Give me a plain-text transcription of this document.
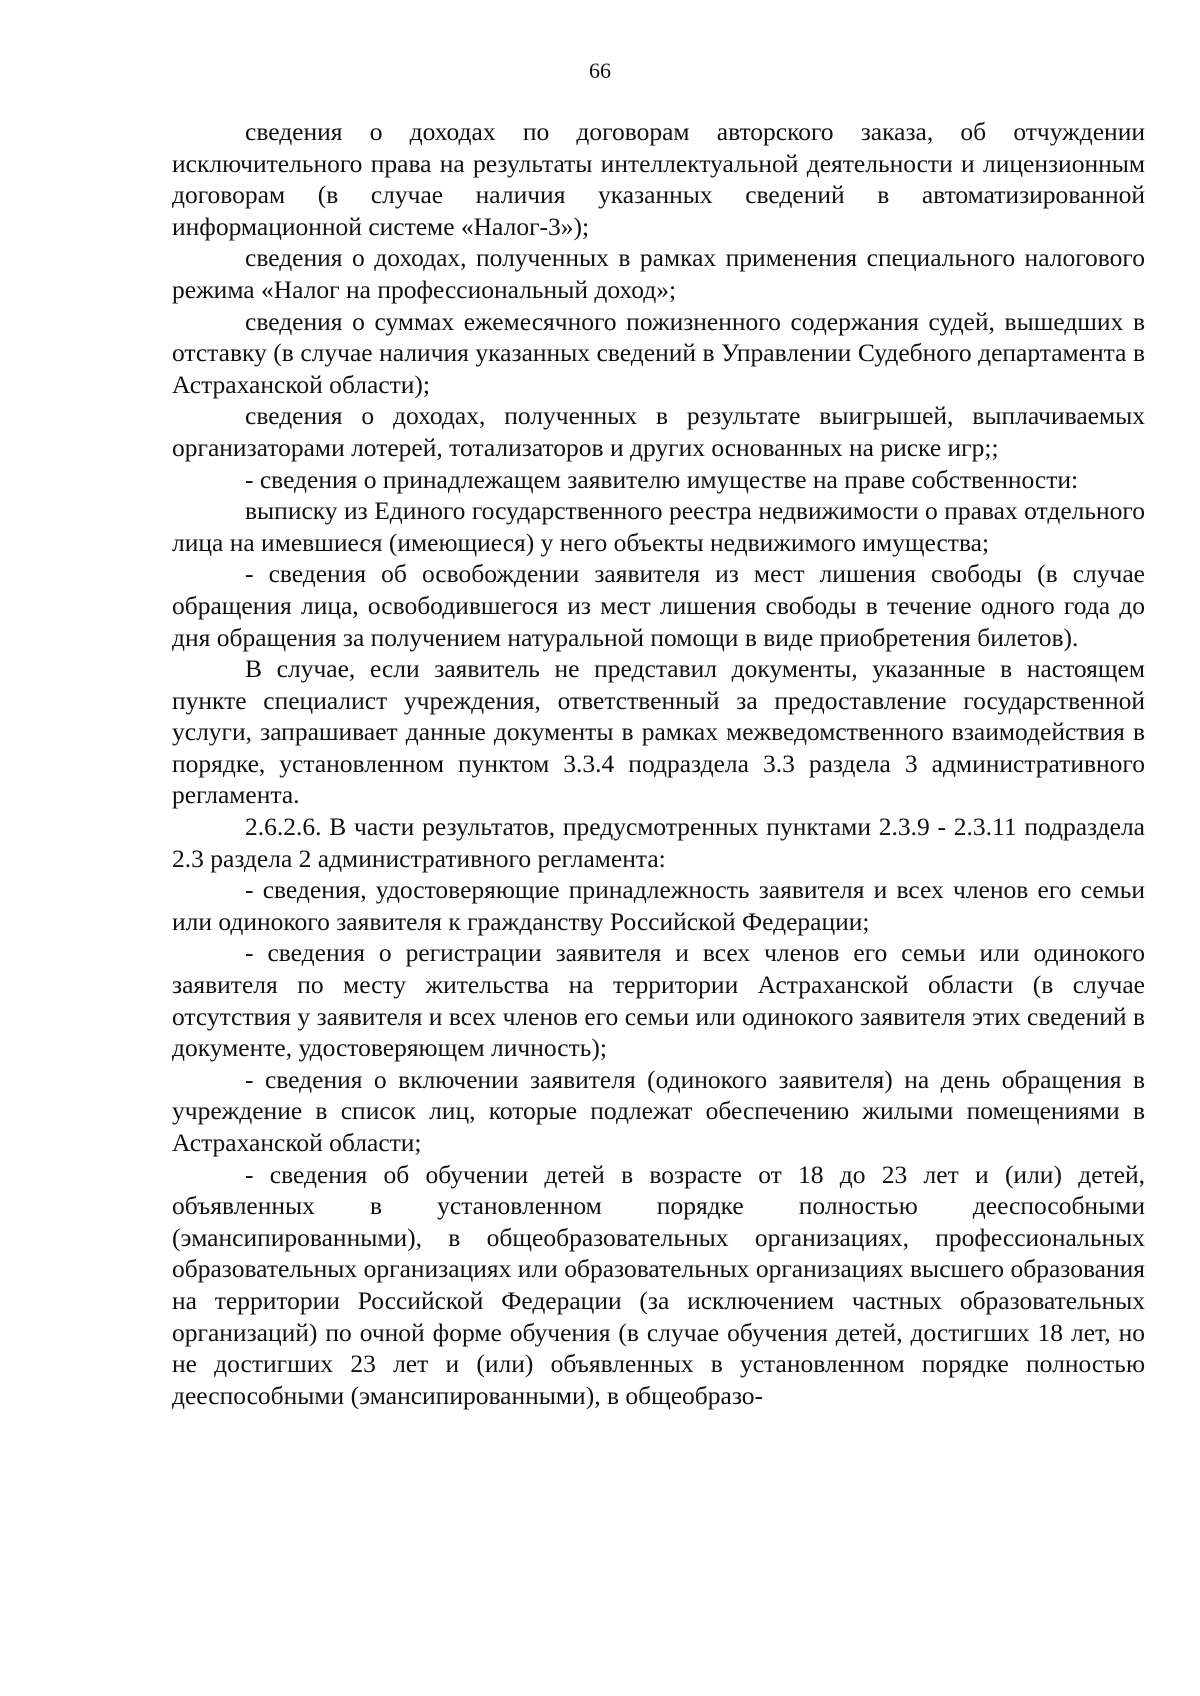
66

сведения о доходах по договорам авторского заказа, об отчуждении исключительного права на результаты интеллектуальной деятельности и лицензионным договорам (в случае наличия указанных сведений в автоматизированной информационной системе «Налог-3»);

сведения о доходах, полученных в рамках применения специального налогового режима «Налог на профессиональный доход»;

сведения о суммах ежемесячного пожизненного содержания судей, вышедших в отставку (в случае наличия указанных сведений в Управлении Судебного департамента в Астраханской области);

сведения о доходах, полученных в результате выигрышей, выплачиваемых организаторами лотерей, тотализаторов и других основанных на риске игр;;

- сведения о принадлежащем заявителю имуществе на праве собственности:

выписку из Единого государственного реестра недвижимости о правах отдельного лица на имевшиеся (имеющиеся) у него объекты недвижимого имущества;

- сведения об освобождении заявителя из мест лишения свободы (в случае обращения лица, освободившегося из мест лишения свободы в течение одного года до дня обращения за получением натуральной помощи в виде приобретения билетов).

В случае, если заявитель не представил документы, указанные в настоящем пункте специалист учреждения, ответственный за предоставление государственной услуги, запрашивает данные документы в рамках межведомственного взаимодействия в порядке, установленном пунктом 3.3.4 подраздела 3.3 раздела 3 административного регламента.

2.6.2.6. В части результатов, предусмотренных пунктами 2.3.9 - 2.3.11 подраздела 2.3 раздела 2 административного регламента:

- сведения, удостоверяющие принадлежность заявителя и всех членов его семьи или одинокого заявителя к гражданству Российской Федерации;

- сведения о регистрации заявителя и всех членов его семьи или одинокого заявителя по месту жительства на территории Астраханской области (в случае отсутствия у заявителя и всех членов его семьи или одинокого заявителя этих сведений в документе, удостоверяющем личность);

- сведения о включении заявителя (одинокого заявителя) на день обращения в учреждение в список лиц, которые подлежат обеспечению жилыми помещениями в Астраханской области;

- сведения об обучении детей в возрасте от 18 до 23 лет и (или) детей, объявленных в установленном порядке полностью дееспособными (эмансипированными), в общеобразовательных организациях, профессиональных образовательных организациях или образовательных организациях высшего образования на территории Российской Федерации (за исключением частных образовательных организаций) по очной форме обучения (в случае обучения детей, достигших 18 лет, но не достигших 23 лет и (или) объявленных в установленном порядке полностью дееспособными (эмансипированными), в общеобразо-
